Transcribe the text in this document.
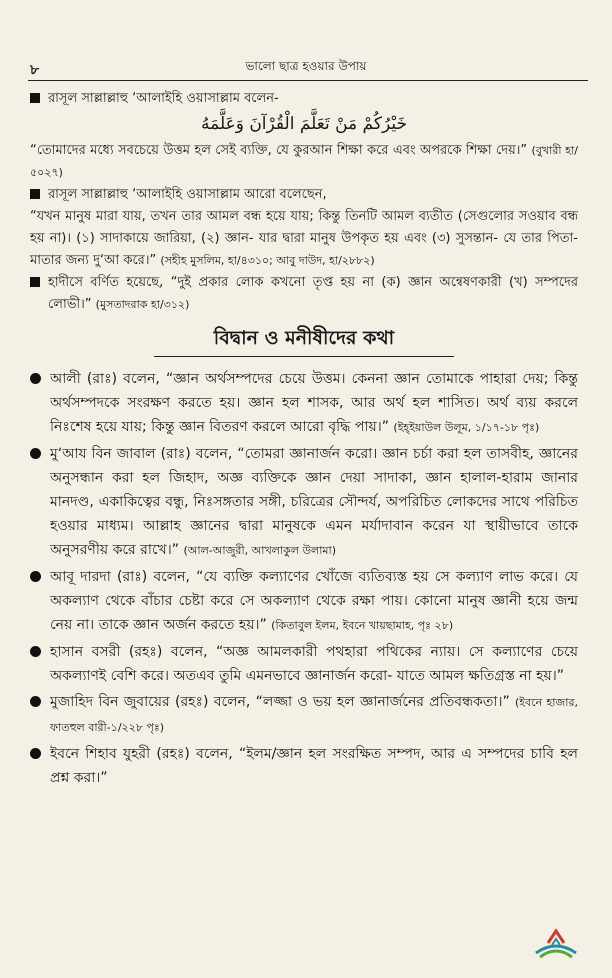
৮	ভালো ছাত্র হওয়ার উপায়

রাসূল সাল্লাল্লাহু ‘আলাইহি ওয়াসাল্লাম বলেন-

خَيْرُكُمْ مَنْ تَعَلَّمَ الْقُرْآنَ وَعَلَّمَهُ

“তোমাদের মধ্যে সবচেয়ে উত্তম হল সেই ব্যক্তি, যে কুরআন শিক্ষা করে এবং অপরকে শিক্ষা দেয়।” (বুখারী হা/৫০২৭)

রাসূল সাল্লাল্লাহু ‘আলাইহি ওয়াসাল্লাম আরো বলেছেন,

“যখন মানুষ মারা যায়, তখন তার আমল বন্ধ হয়ে যায়; কিন্তু তিনটি আমল ব্যতীত (সেগুলোর সওয়াব বন্ধ হয় না)। (১) সাদাকায়ে জারিয়া, (২) জ্ঞান- যার দ্বারা মানুষ উপকৃত হয় এবং (৩) সুসন্তান- যে তার পিতা-মাতার জন্য দু‘আ করে।” (সহীহ মুসলিম, হা/৪৩১০; আবু দাউদ, হা/২৮৮২)

হাদীসে বর্ণিত হয়েছে, “দুই প্রকার লোক কখনো তৃপ্ত হয় না (ক) জ্ঞান অন্বেষণকারী (খ) সম্পদের লোভী।” (মুসতাদরাক হা/৩১২)

বিদ্বান ও মনীষীদের কথা

আলী (রাঃ) বলেন, “জ্ঞান অর্থসম্পদের চেয়ে উত্তম। কেননা জ্ঞান তোমাকে পাহারা দেয়; কিন্তু অর্থসম্পদকে সংরক্ষণ করতে হয়। জ্ঞান হল শাসক, আর অর্থ হল শাসিত। অর্থ ব্যয় করলে নিঃশেষ হয়ে যায়; কিন্তু জ্ঞান বিতরণ করলে আরো বৃদ্ধি পায়।” (ইহ্ইয়াউল উলূম, ১/১৭-১৮ পৃঃ)

মু‘আয বিন জাবাল (রাঃ) বলেন, “তোমরা জ্ঞানার্জন করো। জ্ঞান চর্চা করা হল তাসবীহ, জ্ঞানের অনুসন্ধান করা হল জিহাদ, অজ্ঞ ব্যক্তিকে জ্ঞান দেয়া সাদাকা, জ্ঞান হালাল-হারাম জানার মানদণ্ড, একাকিত্বের বন্ধু, নিঃসঙ্গতার সঙ্গী, চরিত্রের সৌন্দর্য, অপরিচিত লোকদের সাথে পরিচিত হওয়ার মাধ্যম। আল্লাহ জ্ঞানের দ্বারা মানুষকে এমন মর্যাদাবান করেন যা স্থায়ীভাবে তাকে অনুসরণীয় করে রাখে।” (আল-আজুরী, আখলাকুল উলামা)

আবূ দারদা (রাঃ) বলেন, “যে ব্যক্তি কল্যাণের খোঁজে ব্যতিব্যস্ত হয় সে কল্যাণ লাভ করে। যে অকল্যাণ থেকে বাঁচার চেষ্টা করে সে অকল্যাণ থেকে রক্ষা পায়। কোনো মানুষ জ্ঞানী হয়ে জন্ম নেয় না। তাকে জ্ঞান অর্জন করতে হয়।” (কিতাবুল ইলম, ইবনে খায়ছামাহ, পৃঃ ২৮)

হাসান বসরী (রহঃ) বলেন, “অজ্ঞ আমলকারী পথহারা পথিকের ন্যায়। সে কল্যাণের চেয়ে অকল্যাণই বেশি করে। অতএব তুমি এমনভাবে জ্ঞানার্জন করো- যাতে আমল ক্ষতিগ্রস্ত না হয়।”

মুজাহিদ বিন জুবায়ের (রহঃ) বলেন, “লজ্জা ও ভয় হল জ্ঞানার্জনের প্রতিবন্ধকতা।” (ইবনে হাজার, ফাতহুল বারী-১/২২৮ পৃঃ)

ইবনে শিহাব যুহরী (রহঃ) বলেন, “ইলম/জ্ঞান হল সংরক্ষিত সম্পদ, আর এ সম্পদের চাবি হল প্রশ্ন করা।”
